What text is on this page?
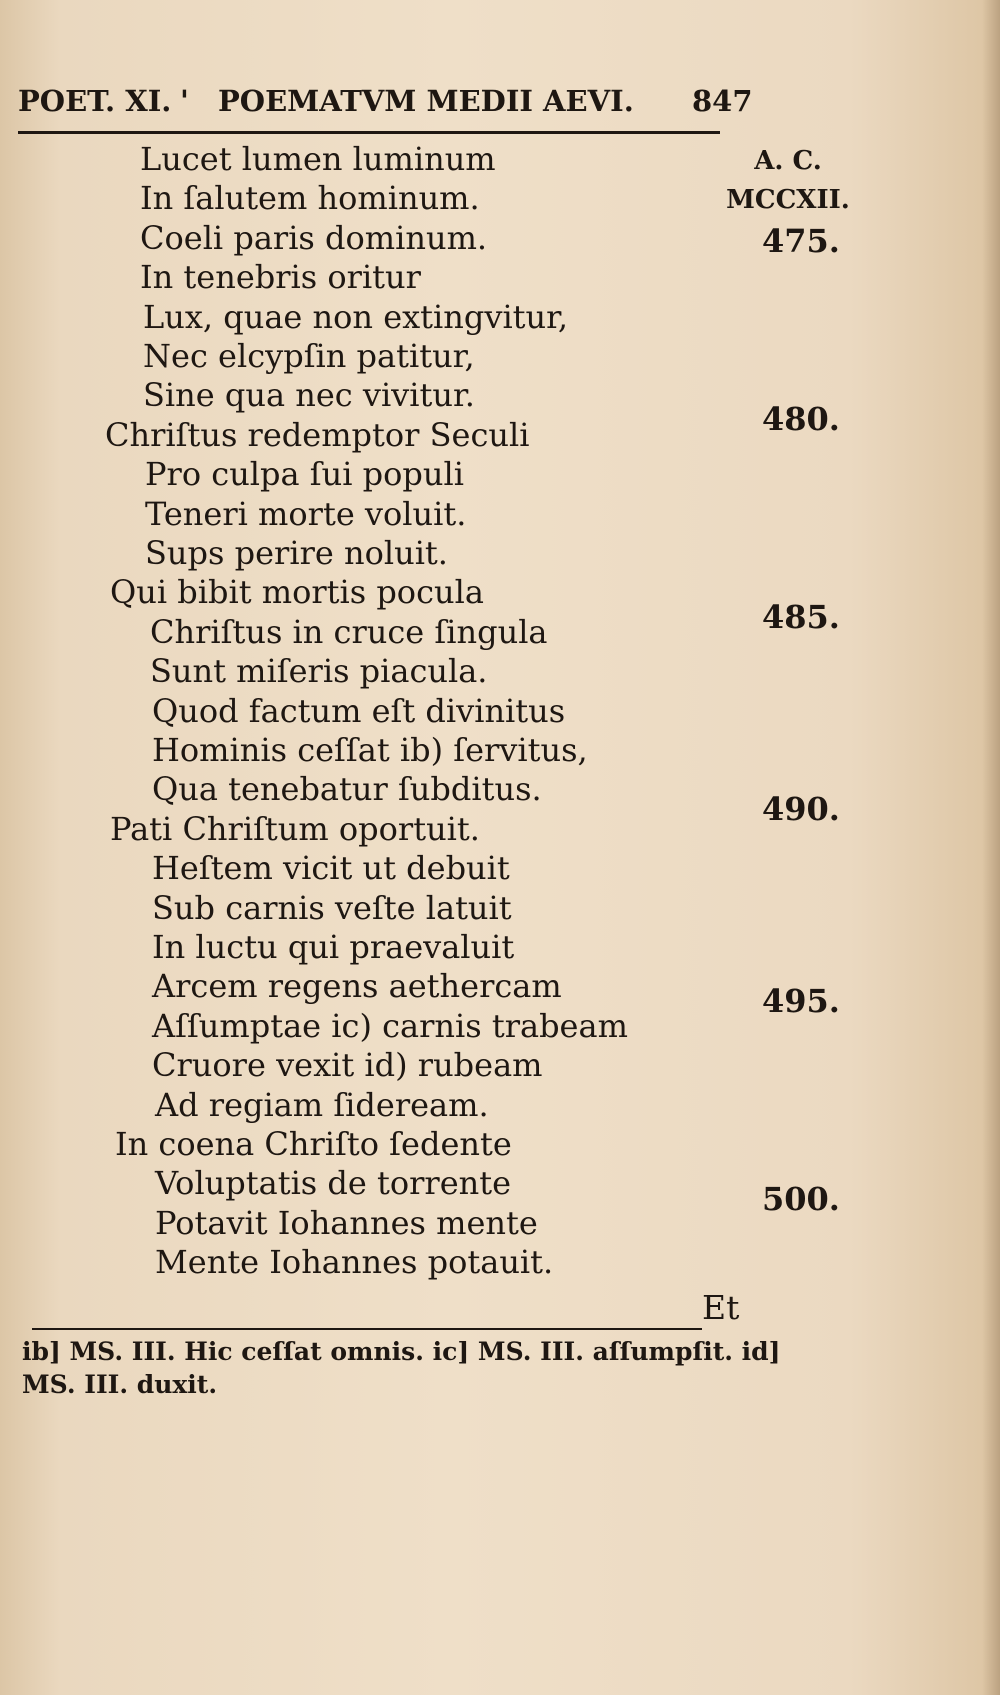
POET. XI. ' POEMATVM MEDII AEVI. 847
A. C.
MCCXII.
Lucet lumen luminum
In ſalutem hominum.
Coeli paris dominum.
In tenebris oritur
Lux, quae non extingvitur,
Nec elcypſin patitur,
Sine qua nec vivitur.
Chriſtus redemptor Seculi
Pro culpa ſui populi
Teneri morte voluit.
Sups perire noluit.
Qui bibit mortis pocula
Chriſtus in cruce ſingula
Sunt miſeris piacula.
Quod factum eſt divinitus
Hominis ceſſat ib) ſervitus,
Qua tenebatur ſubditus.
Pati Chriſtum oportuit.
Heſtem vicit ut debuit
Sub carnis veſte latuit
In luctu qui praevaluit
Arcem regens aethercam
Aſſumptae ic) carnis trabeam
Cruore vexit id) rubeam
Ad regiam ſideream.
In coena Chriſto ſedente
Voluptatis de torrente
Potavit Iohannes mente
Mente Iohannes potauit.
475.
480.
485.
490.
495.
500.
Et
ib] MS. III. Hic ceſſat omnis. ic] MS. III. aſſumpſit. id]
MS. III. duxit.
